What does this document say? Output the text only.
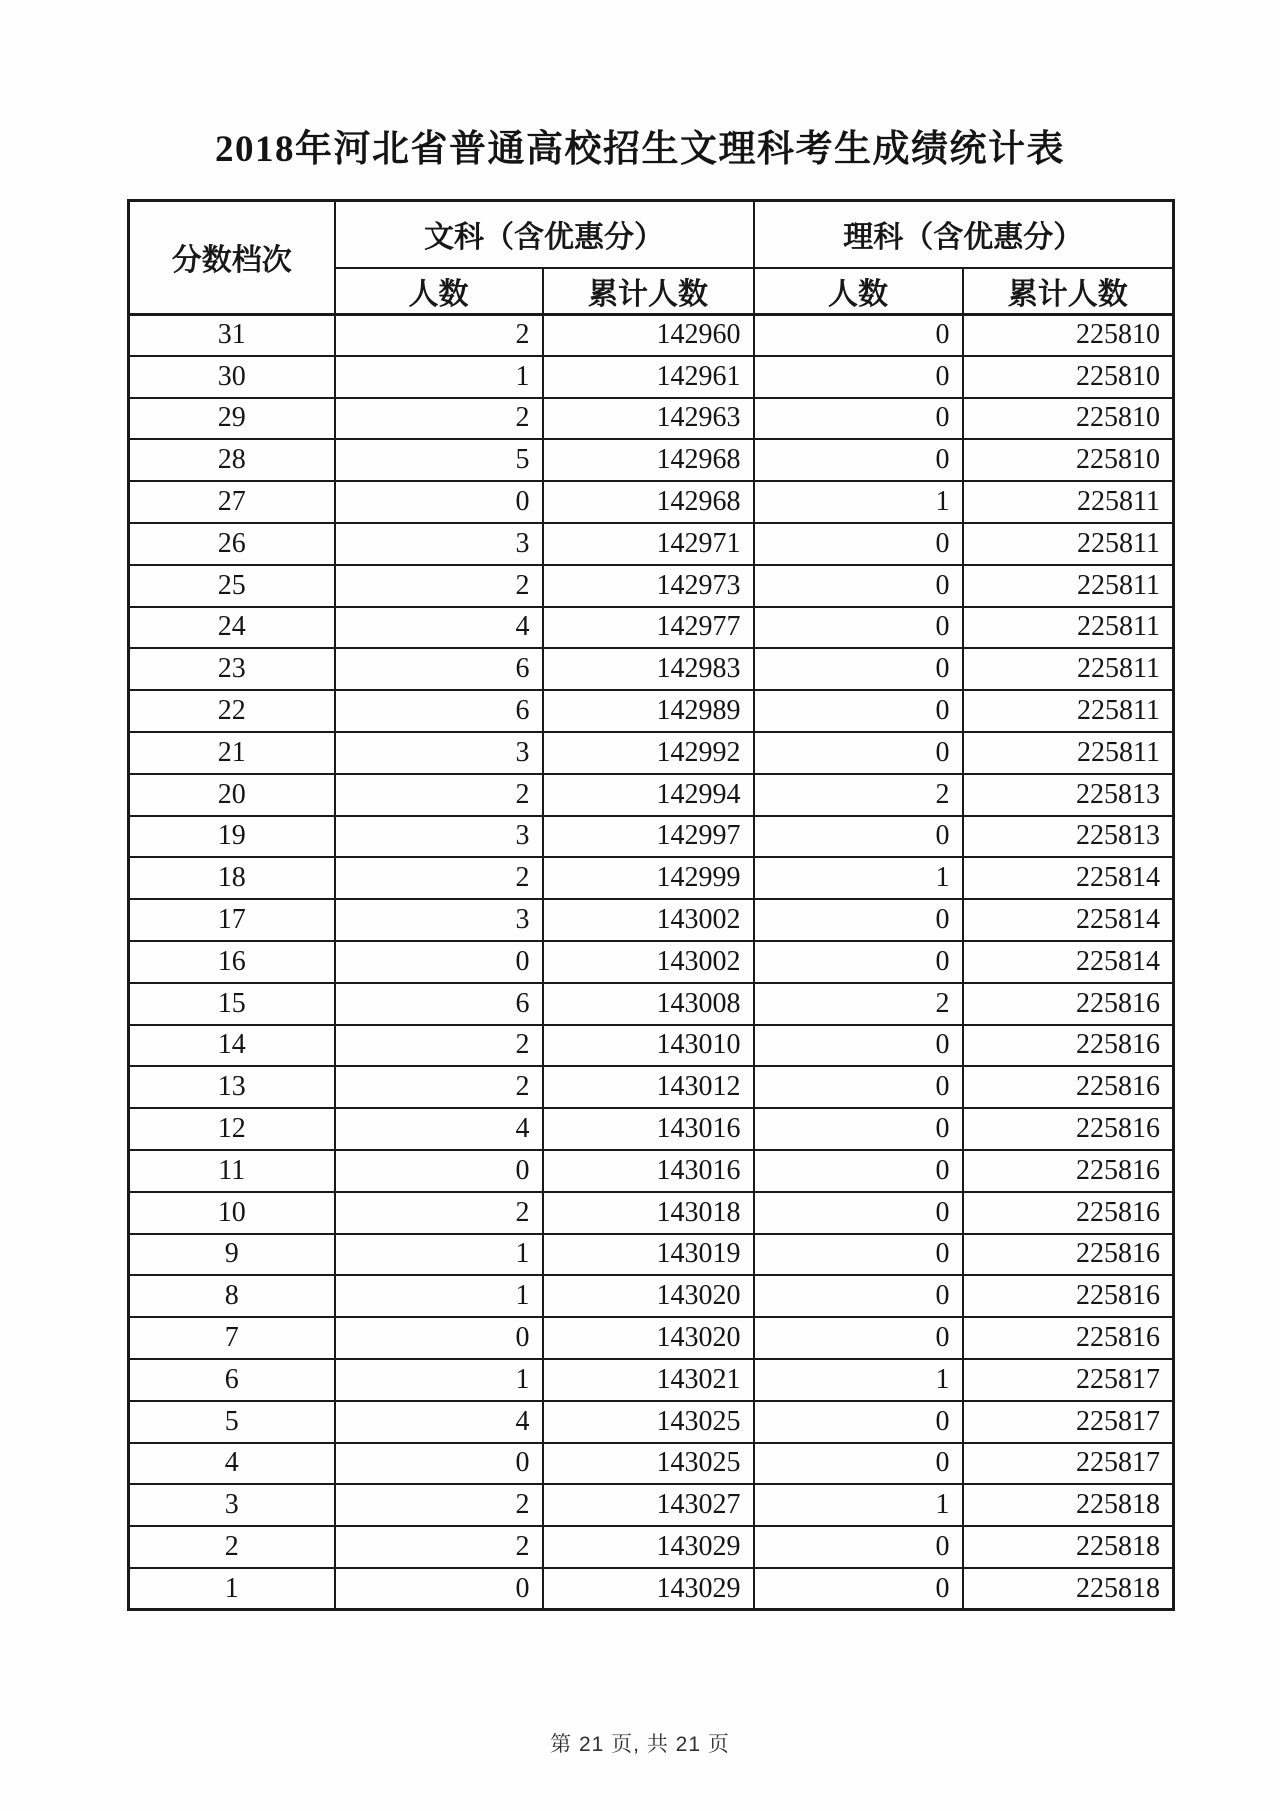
2018年河北省普通高校招生文理科考生成绩统计表
分数档次	文科（含优惠分）		理科（含优惠分）	
	人数	累计人数	人数	累计人数
31	2	142960	0	225810
30	1	142961	0	225810
29	2	142963	0	225810
28	5	142968	0	225810
27	0	142968	1	225811
26	3	142971	0	225811
25	2	142973	0	225811
24	4	142977	0	225811
23	6	142983	0	225811
22	6	142989	0	225811
21	3	142992	0	225811
20	2	142994	2	225813
19	3	142997	0	225813
18	2	142999	1	225814
17	3	143002	0	225814
16	0	143002	0	225814
15	6	143008	2	225816
14	2	143010	0	225816
13	2	143012	0	225816
12	4	143016	0	225816
11	0	143016	0	225816
10	2	143018	0	225816
9	1	143019	0	225816
8	1	143020	0	225816
7	0	143020	0	225816
6	1	143021	1	225817
5	4	143025	0	225817
4	0	143025	0	225817
3	2	143027	1	225818
2	2	143029	0	225818
1	0	143029	0	225818
第 21 页, 共 21 页
